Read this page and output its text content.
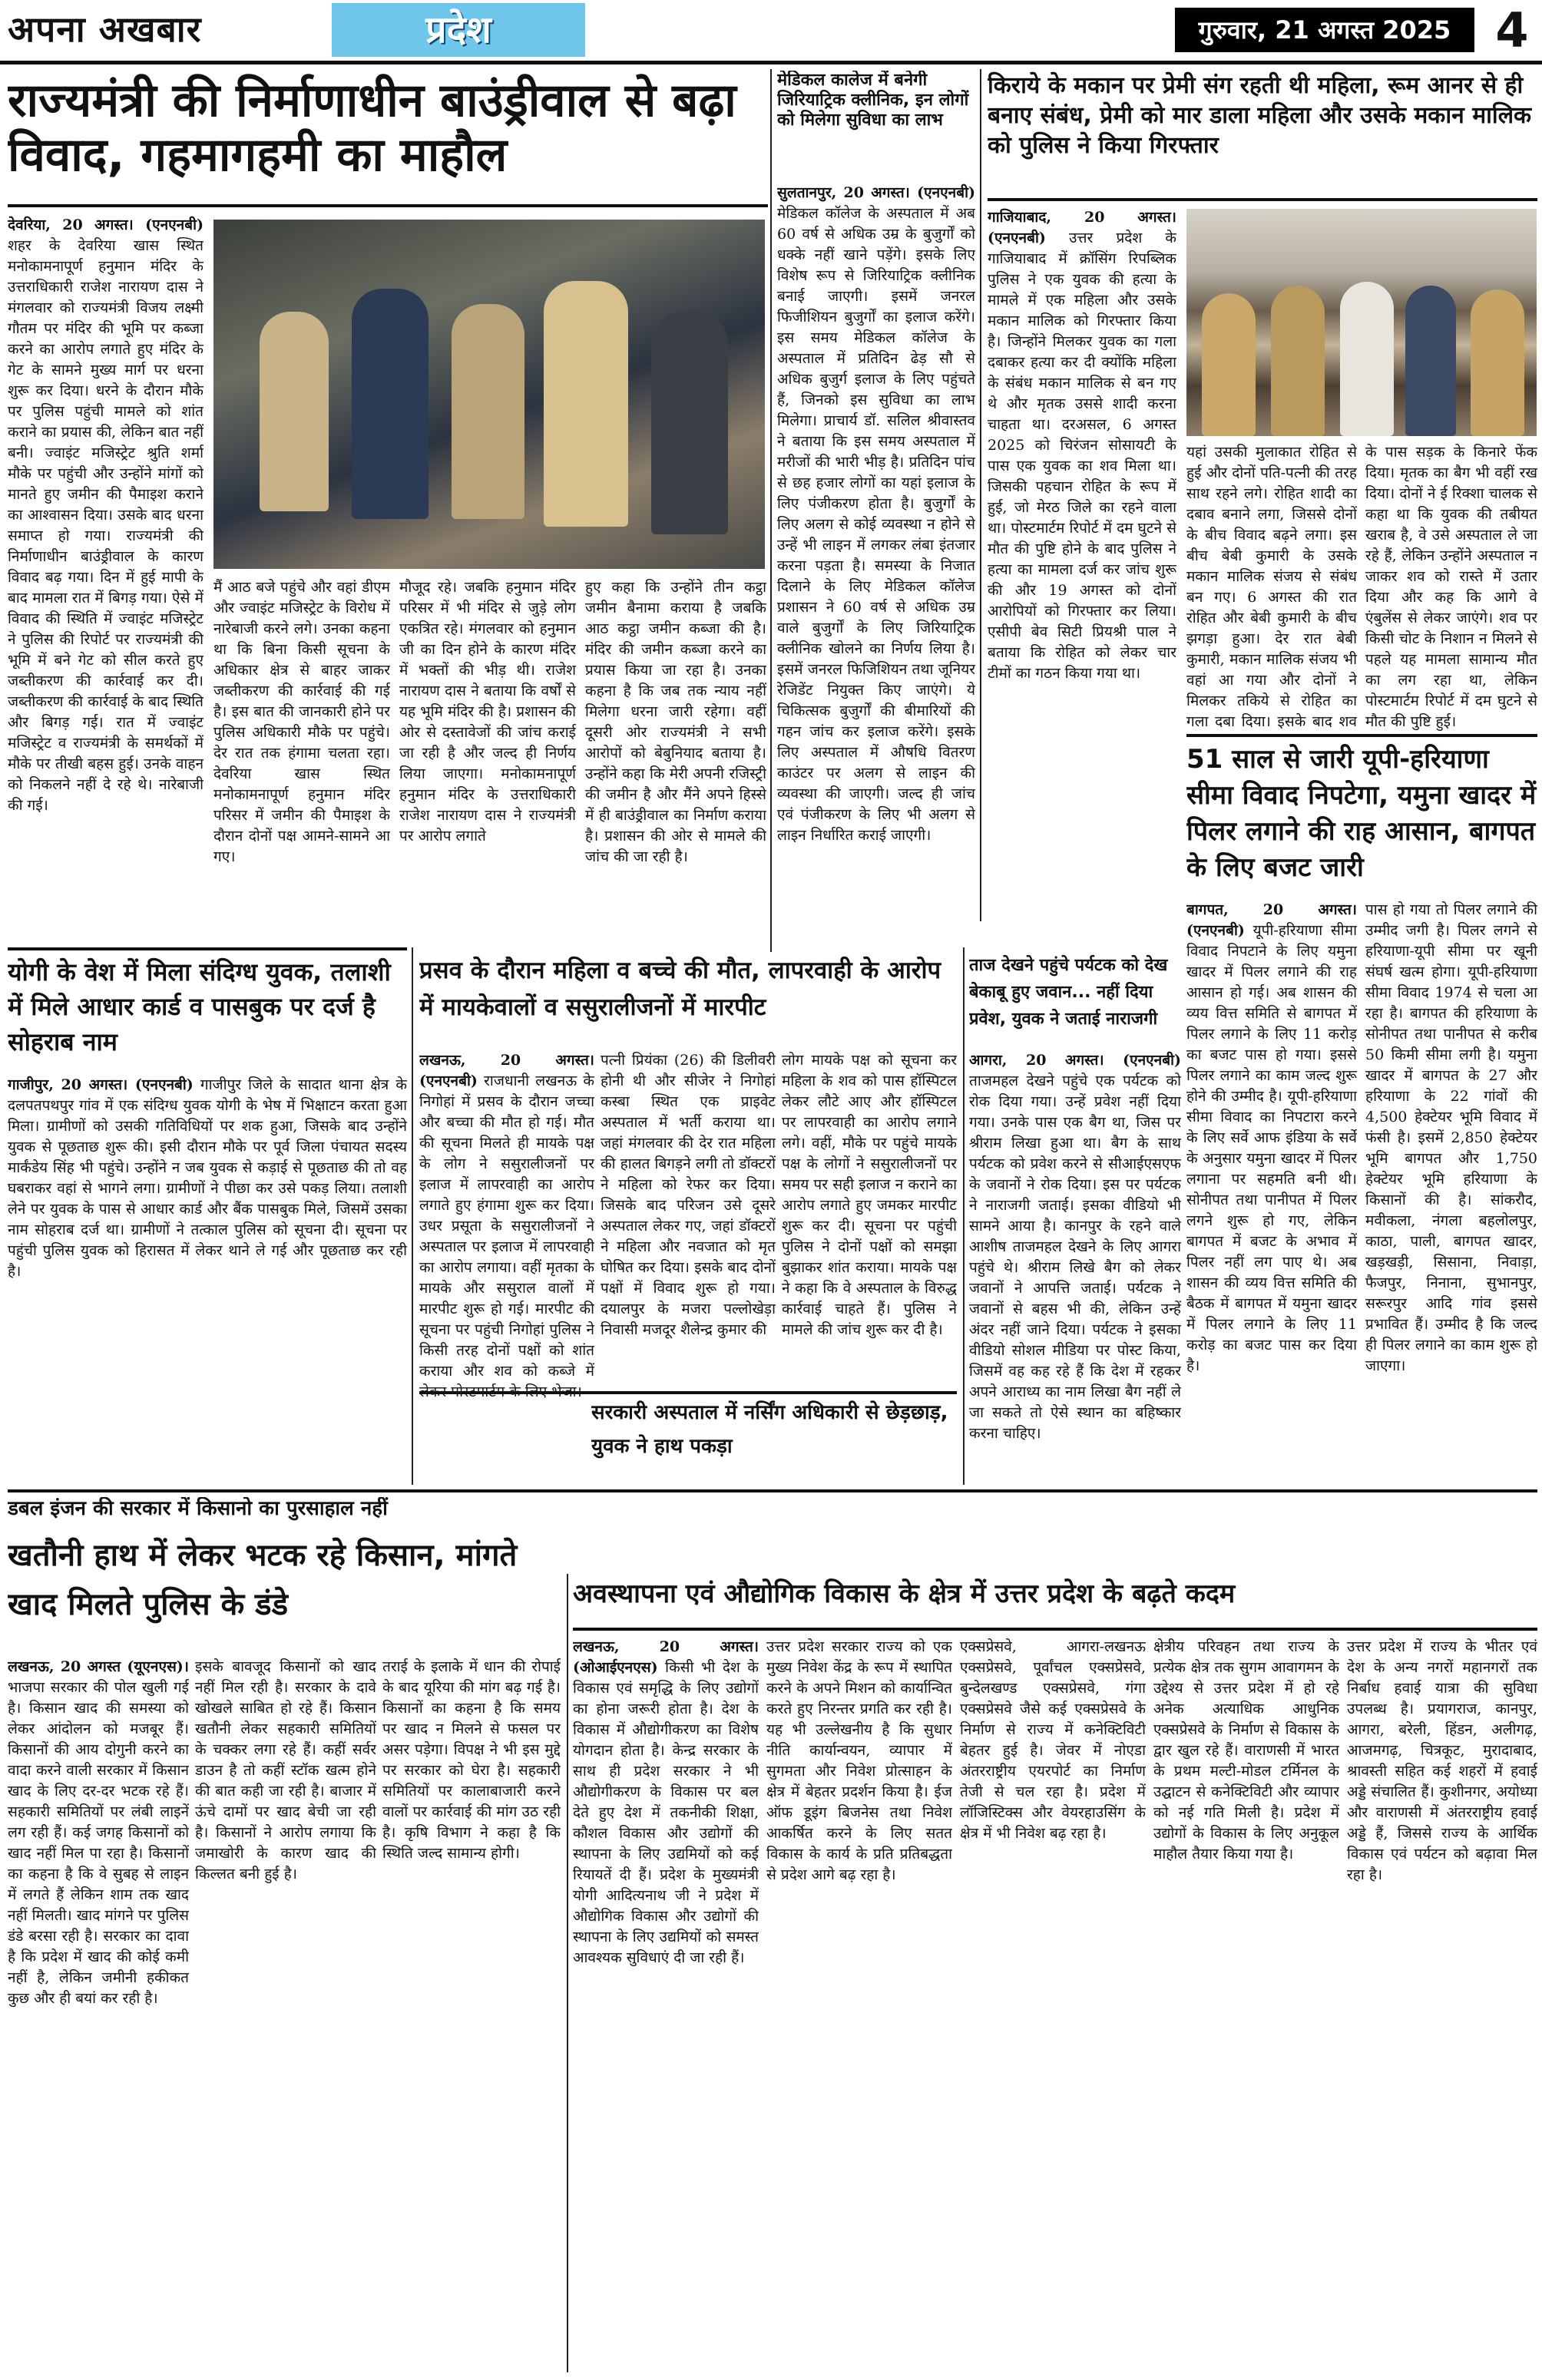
अपना अखबार	प्रदेश	गुरुवार, 21 अगस्त 2025 4
राज्यमंत्री की निर्माणाधीन बाउंड्रीवाल से बढ़ा विवाद, गहमागहमी का माहौल
देवरिया, 20 अगस्त। (एनएनबी) शहर के देवरिया खास स्थित मनोकामनापूर्ण हनुमान मंदिर के उत्तराधिकारी राजेश नारायण दास ने मंगलवार को राज्यमंत्री विजय लक्ष्मी गौतम पर मंदिर की भूमि पर कब्जा करने का आरोप लगाते हुए मंदिर के गेट के सामने मुख्य मार्ग पर धरना शुरू कर दिया। धरने के दौरान मौके पर पुलिस पहुंची मामले को शांत कराने का प्रयास की, लेकिन बात नहीं बनी। ज्वाइंट मजिस्ट्रेट श्रुति शर्मा मौके पर पहुंची और उन्होंने मांगों को मानते हुए जमीन की पैमाइश कराने का आश्वासन दिया। उसके बाद धरना समाप्त हो गया। राज्यमंत्री की निर्माणाधीन बाउंड्रीवाल के कारण विवाद बढ़ गया। दिन में हुई मापी के बाद मामला रात में बिगड़ गया। ऐसे में विवाद की स्थिति में ज्वाइंट मजिस्ट्रेट ने पुलिस की रिपोर्ट पर राज्यमंत्री की भूमि में बने गेट को सील करते हुए जब्तीकरण की कार्रवाई कर दी। जब्तीकरण की कार्रवाई के बाद स्थिति और बिगड़ गई। रात में ज्वाइंट मजिस्ट्रेट व राज्यमंत्री के समर्थकों में मौके पर तीखी बहस हुई। उनके वाहन को निकलने नहीं दे रहे थे। नारेबाजी की गई।
मैं आठ बजे पहुंचे और वहां डीएम और ज्वाइंट मजिस्ट्रेट के विरोध में नारेबाजी करने लगे। उनका कहना था कि बिना किसी सूचना के अधिकार क्षेत्र से बाहर जाकर जब्तीकरण की कार्रवाई की गई है। इस बात की जानकारी होने पर पुलिस अधिकारी मौके पर पहुंचे। देर रात तक हंगामा चलता रहा। देवरिया खास स्थित मनोकामनापूर्ण हनुमान मंदिर परिसर में जमीन की पैमाइश के दौरान दोनों पक्ष आमने-सामने आ गए।
मौजूद रहे। जबकि हनुमान मंदिर परिसर में भी मंदिर से जुड़े लोग एकत्रित रहे। मंगलवार को हनुमान जी का दिन होने के कारण मंदिर में भक्तों की भीड़ थी। राजेश नारायण दास ने बताया कि वर्षों से यह भूमि मंदिर की है। प्रशासन की ओर से दस्तावेजों की जांच कराई जा रही है और जल्द ही निर्णय लिया जाएगा। मनोकामनापूर्ण हनुमान मंदिर के उत्तराधिकारी राजेश नारायण दास ने राज्यमंत्री पर आरोप लगाते
हुए कहा कि उन्होंने तीन कट्ठा जमीन बैनामा कराया है जबकि आठ कट्ठा जमीन कब्जा की है। मंदिर की जमीन कब्जा करने का प्रयास किया जा रहा है। उनका कहना है कि जब तक न्याय नहीं मिलेगा धरना जारी रहेगा। वहीं दूसरी ओर राज्यमंत्री ने सभी आरोपों को बेबुनियाद बताया है। उन्होंने कहा कि मेरी अपनी रजिस्ट्री की जमीन है और मैंने अपने हिस्से में ही बाउंड्रीवाल का निर्माण कराया है। प्रशासन की ओर से मामले की जांच की जा रही है।
मेडिकल कालेज में बनेगी जिरियाट्रिक क्लीनिक, इन लोगों को मिलेगा सुविधा का लाभ
सुलतानपुर, 20 अगस्त। (एनएनबी) मेडिकल कॉलेज के अस्पताल में अब 60 वर्ष से अधिक उम्र के बुजुर्गों को धक्के नहीं खाने पड़ेंगे। इसके लिए विशेष रूप से जिरियाट्रिक क्लीनिक बनाई जाएगी। इसमें जनरल फिजीशियन बुजुर्गों का इलाज करेंगे। इस समय मेडिकल कॉलेज के अस्पताल में प्रतिदिन ढेड़ सौ से अधिक बुजुर्ग इलाज के लिए पहुंचते हैं, जिनको इस सुविधा का लाभ मिलेगा। प्राचार्य डॉ. सलिल श्रीवास्तव ने बताया कि इस समय अस्पताल में मरीजों की भारी भीड़ है। प्रतिदिन पांच से छह हजार लोगों का यहां इलाज के लिए पंजीकरण होता है। बुजुर्गों के लिए अलग से कोई व्यवस्था न होने से उन्हें भी लाइन में लगकर लंबा इंतजार करना पड़ता है। समस्या के निजात दिलाने के लिए मेडिकल कॉलेज प्रशासन ने 60 वर्ष से अधिक उम्र वाले बुजुर्गों के लिए जिरियाट्रिक क्लीनिक खोलने का निर्णय लिया है। इसमें जनरल फिजिशियन तथा जूनियर रेजिडेंट नियुक्त किए जाएंगे। ये चिकित्सक बुजुर्गों की बीमारियों की गहन जांच कर इलाज करेंगे। इसके लिए अस्पताल में औषधि वितरण काउंटर पर अलग से लाइन की व्यवस्था की जाएगी। जल्द ही जांच एवं पंजीकरण के लिए भी अलग से लाइन निर्धारित कराई जाएगी।
किराये के मकान पर प्रेमी संग रहती थी महिला, रूम आनर से ही बनाए संबंध, प्रेमी को मार डाला महिला और उसके मकान मालिक को पुलिस ने किया गिरफ्तार
गाजियाबाद, 20 अगस्त। (एनएनबी) उत्तर प्रदेश के गाजियाबाद में क्रॉसिंग रिपब्लिक पुलिस ने एक युवक की हत्या के मामले में एक महिला और उसके मकान मालिक को गिरफ्तार किया है। जिन्होंने मिलकर युवक का गला दबाकर हत्या कर दी क्योंकि महिला के संबंध मकान मालिक से बन गए थे और मृतक उससे शादी करना चाहता था। दरअसल, 6 अगस्त 2025 को चिरंजन सोसायटी के पास एक युवक का शव मिला था। जिसकी पहचान रोहित के रूप में हुई, जो मेरठ जिले का रहने वाला था। पोस्टमार्टम रिपोर्ट में दम घुटने से मौत की पुष्टि होने के बाद पुलिस ने हत्या का मामला दर्ज कर जांच शुरू की और 19 अगस्त को दोनों आरोपियों को गिरफ्तार कर लिया। एसीपी बेव सिटी प्रियश्री पाल ने बताया कि रोहित को लेकर चार टीमों का गठन किया गया था।
यहां उसकी मुलाकात रोहित से हुई और दोनों पति-पत्नी की तरह साथ रहने लगे। रोहित शादी का दबाव बनाने लगा, जिससे दोनों के बीच विवाद बढ़ने लगा। इस बीच बेबी कुमारी के उसके मकान मालिक संजय से संबंध बन गए। 6 अगस्त की रात रोहित और बेबी कुमारी के बीच झगड़ा हुआ। देर रात बेबी कुमारी, मकान मालिक संजय भी वहां आ गया और दोनों ने मिलकर तकिये से रोहित का गला दबा दिया। इसके बाद शव
के पास सड़क के किनारे फेंक दिया। मृतक का बैग भी वहीं रख दिया। दोनों ने ई रिक्शा चालक से कहा था कि युवक की तबीयत खराब है, वे उसे अस्पताल ले जा रहे हैं, लेकिन उन्होंने अस्पताल न जाकर शव को रास्ते में उतार दिया और कह कि आगे वे एंबुलेंस से लेकर जाएंगे। शव पर किसी चोट के निशान न मिलने से पहले यह मामला सामान्य मौत का लग रहा था, लेकिन पोस्टमार्टम रिपोर्ट में दम घुटने से मौत की पुष्टि हुई।
51 साल से जारी यूपी-हरियाणा सीमा विवाद निपटेगा, यमुना खादर में पिलर लगाने की राह आसान, बागपत के लिए बजट जारी
बागपत, 20 अगस्त। (एनएनबी) यूपी-हरियाणा सीमा विवाद निपटाने के लिए यमुना खादर में पिलर लगाने की राह आसान हो गई। अब शासन की व्यय वित्त समिति से बागपत में पिलर लगाने के लिए 11 करोड़ का बजट पास हो गया। इससे पिलर लगाने का काम जल्द शुरू होने की उम्मीद है। यूपी-हरियाणा सीमा विवाद का निपटारा करने के लिए सर्वे आफ इंडिया के सर्वे के अनुसार यमुना खादर में पिलर लगाना पर सहमति बनी थी। सोनीपत तथा पानीपत में पिलर लगने शुरू हो गए, लेकिन बागपत में बजट के अभाव में पिलर नहीं लग पाए थे। अब शासन की व्यय वित्त समिति की बैठक में बागपत में यमुना खादर में पिलर लगाने के लिए 11 करोड़ का बजट पास कर दिया है।
पास हो गया तो पिलर लगाने की उम्मीद जगी है। पिलर लगने से हरियाणा-यूपी सीमा पर खूनी संघर्ष खत्म होगा। यूपी-हरियाणा सीमा विवाद 1974 से चला आ रहा है। बागपत की हरियाणा के सोनीपत तथा पानीपत से करीब 50 किमी सीमा लगी है। यमुना खादर में बागपत के 27 और हरियाणा के 22 गांवों की 4,500 हेक्टेयर भूमि विवाद में फंसी है। इसमें 2,850 हेक्टेयर भूमि बागपत और 1,750 हेक्टेयर भूमि हरियाणा के किसानों की है। सांकरौद, मवीकला, नंगला बहलोलपुर, काठा, पाली, बागपत खादर, खड़खड़ी, सिसाना, निवाड़ा, फैजपुर, निनाना, सुभानपुर, सरूरपुर आदि गांव इससे प्रभावित हैं। उम्मीद है कि जल्द ही पिलर लगाने का काम शुरू हो जाएगा।
योगी के वेश में मिला संदिग्ध युवक, तलाशी में मिले आधार कार्ड व पासबुक पर दर्ज है सोहराब नाम
गाजीपुर, 20 अगस्त। (एनएनबी) गाजीपुर जिले के सादात थाना क्षेत्र के दलपतपथपुर गांव में एक संदिग्ध युवक योगी के भेष में भिक्षाटन करता हुआ मिला। ग्रामीणों को उसकी गतिविधियों पर शक हुआ, जिसके बाद उन्होंने युवक से पूछताछ शुरू की। इसी दौरान मौके पर पूर्व जिला पंचायत सदस्य मार्कंडेय सिंह भी पहुंचे। उन्होंने न जब युवक से कड़ाई से पूछताछ की तो वह घबराकर वहां से भागने लगा। ग्रामीणों ने पीछा कर उसे पकड़ लिया। तलाशी लेने पर युवक के पास से आधार कार्ड और बैंक पासबुक मिले, जिसमें उसका नाम सोहराब दर्ज था। ग्रामीणों ने तत्काल पुलिस को सूचना दी। सूचना पर पहुंची पुलिस युवक को हिरासत में लेकर थाने ले गई और पूछताछ कर रही है।
प्रसव के दौरान महिला व बच्चे की मौत, लापरवाही के आरोप में मायकेवालों व ससुरालीजनों में मारपीट
लखनऊ, 20 अगस्त। (एनएनबी) राजधानी लखनऊ के निगोहां में प्रसव के दौरान जच्चा और बच्चा की मौत हो गई। मौत की सूचना मिलते ही मायके पक्ष के लोग ने ससुरालीजनों पर इलाज में लापरवाही का आरोप लगाते हुए हंगामा शुरू कर दिया। उधर प्रसूता के ससुरालीजनों ने अस्पताल पर इलाज में लापरवाही का आरोप लगाया। वहीं मृतका के मायके और ससुराल वालों में मारपीट शुरू हो गई। मारपीट की सूचना पर पहुंची निगोहां पुलिस ने किसी तरह दोनों पक्षों को शांत कराया और शव को कब्जे में लेकर पोस्टमार्टम के लिए भेजा।
पत्नी प्रियंका (26) की डिलीवरी होनी थी और सीजेर ने निगोहां कस्बा स्थित एक प्राइवेट अस्पताल में भर्ती कराया था। जहां मंगलवार की देर रात महिला की हालत बिगड़ने लगी तो डॉक्टरों ने महिला को रेफर कर दिया। जिसके बाद परिजन उसे दूसरे अस्पताल लेकर गए, जहां डॉक्टरों ने महिला और नवजात को मृत घोषित कर दिया। इसके बाद दोनों पक्षों में विवाद शुरू हो गया। दयालपुर के मजरा पल्लोखेड़ा निवासी मजदूर शैलेन्द्र कुमार की
लोग मायके पक्ष को सूचना कर महिला के शव को पास हॉस्पिटल लेकर लौटे आए और हॉस्पिटल पर लापरवाही का आरोप लगाने लगे। वहीं, मौके पर पहुंचे मायके पक्ष के लोगों ने ससुरालीजनों पर समय पर सही इलाज न कराने का आरोप लगाते हुए जमकर मारपीट शुरू कर दी। सूचना पर पहुंची पुलिस ने दोनों पक्षों को समझा बुझाकर शांत कराया। मायके पक्ष ने कहा कि वे अस्पताल के विरुद्ध कार्रवाई चाहते हैं। पुलिस ने मामले की जांच शुरू कर दी है।
ताज देखने पहुंचे पर्यटक को देख बेकाबू हुए जवान... नहीं दिया प्रवेश, युवक ने जताई नाराजगी
आगरा, 20 अगस्त। (एनएनबी) ताजमहल देखने पहुंचे एक पर्यटक को रोक दिया गया। उन्हें प्रवेश नहीं दिया गया। उनके पास एक बैग था, जिस पर श्रीराम लिखा हुआ था। बैग के साथ पर्यटक को प्रवेश करने से सीआईएसएफ के जवानों ने रोक दिया। इस पर पर्यटक ने नाराजगी जताई। इसका वीडियो भी सामने आया है। कानपुर के रहने वाले आशीष ताजमहल देखने के लिए आगरा पहुंचे थे। श्रीराम लिखे बैग को लेकर जवानों ने आपत्ति जताई। पर्यटक ने जवानों से बहस भी की, लेकिन उन्हें अंदर नहीं जाने दिया। पर्यटक ने इसका वीडियो सोशल मीडिया पर पोस्ट किया, जिसमें वह कह रहे हैं कि देश में रहकर अपने आराध्य का नाम लिखा बैग नहीं ले जा सकते तो ऐसे स्थान का बहिष्कार करना चाहिए।
सरकारी अस्पताल में नर्सिंग अधिकारी से छेड़छाड़, युवक ने हाथ पकड़ा
डबल इंजन की सरकार में किसानो का पुरसाहाल नहीं
खतौनी हाथ में लेकर भटक रहे किसान, मांगते खाद मिलते पुलिस के डंडे
लखनऊ, 20 अगस्त (यूएनएस)। भाजपा सरकार की पोल खुली गई है। किसान खाद की समस्या को लेकर आंदोलन को मजबूर हैं। किसानों की आय दोगुनी करने का वादा करने वाली सरकार में किसान खाद के लिए दर-दर भटक रहे हैं। सहकारी समितियों पर लंबी लाइनें लग रही हैं। कई जगह किसानों को खाद नहीं मिल पा रहा है। किसानों का कहना है कि वे सुबह से लाइन में लगते हैं लेकिन शाम तक खाद नहीं मिलती। खाद मांगने पर पुलिस डंडे बरसा रही है। सरकार का दावा है कि प्रदेश में खाद की कोई कमी नहीं है, लेकिन जमीनी हकीकत कुछ और ही बयां कर रही है।
इसके बावजूद किसानों को खाद नहीं मिल रही है। सरकार के दावे खोखले साबित हो रहे हैं। किसान खतौनी लेकर सहकारी समितियों के चक्कर लगा रहे हैं। कहीं सर्वर डाउन है तो कहीं स्टॉक खत्म होने की बात कही जा रही है। बाजार में ऊंचे दामों पर खाद बेची जा रही है। किसानों ने आरोप लगाया कि जमाखोरी के कारण खाद की किल्लत बनी हुई है।
तराई के इलाके में धान की रोपाई के बाद यूरिया की मांग बढ़ गई है। किसानों का कहना है कि समय पर खाद न मिलने से फसल पर असर पड़ेगा। विपक्ष ने भी इस मुद्दे पर सरकार को घेरा है। सहकारी समितियों पर कालाबाजारी करने वालों पर कार्रवाई की मांग उठ रही है। कृषि विभाग ने कहा है कि स्थिति जल्द सामान्य होगी।
अवस्थापना एवं औद्योगिक विकास के क्षेत्र में उत्तर प्रदेश के बढ़ते कदम
लखनऊ, 20 अगस्त। (ओआईएनएस) किसी भी देश के विकास एवं समृद्धि के लिए उद्योगों का होना जरूरी होता है। देश के विकास में औद्योगीकरण का विशेष योगदान होता है। केन्द्र सरकार के साथ ही प्रदेश सरकार ने भी औद्योगीकरण के विकास पर बल देते हुए देश में तकनीकी शिक्षा, कौशल विकास और उद्योगों की स्थापना के लिए उद्यमियों को कई रियायतें दी हैं। प्रदेश के मुख्यमंत्री योगी आदित्यनाथ जी ने प्रदेश में औद्योगिक विकास और उद्योगों की स्थापना के लिए उद्यमियों को समस्त आवश्यक सुविधाएं दी जा रही हैं।
उत्तर प्रदेश सरकार राज्य को एक मुख्य निवेश केंद्र के रूप में स्थापित करने के अपने मिशन को कार्यान्वित करते हुए निरन्तर प्रगति कर रही है। यह भी उल्लेखनीय है कि सुधार नीति कार्यान्वयन, व्यापार में सुगमता और निवेश प्रोत्साहन के क्षेत्र में बेहतर प्रदर्शन किया है। ईज ऑफ डूइंग बिजनेस तथा निवेश आकर्षित करने के लिए सतत विकास के कार्य के प्रति प्रतिबद्धता से प्रदेश आगे बढ़ रहा है।
एक्सप्रेसवे, आगरा-लखनऊ एक्सप्रेसवे, पूर्वांचल एक्सप्रेसवे, बुन्देलखण्ड एक्सप्रेसवे, गंगा एक्सप्रेसवे जैसे कई एक्सप्रेसवे के निर्माण से राज्य में कनेक्टिविटी बेहतर हुई है। जेवर में नोएडा अंतरराष्ट्रीय एयरपोर्ट का निर्माण तेजी से चल रहा है। प्रदेश में लॉजिस्टिक्स और वेयरहाउसिंग के क्षेत्र में भी निवेश बढ़ रहा है।
क्षेत्रीय परिवहन तथा राज्य के प्रत्येक क्षेत्र तक सुगम आवागमन के उद्देश्य से उत्तर प्रदेश में हो रहे अनेक अत्याधिक आधुनिक एक्सप्रेसवे के निर्माण से विकास के द्वार खुल रहे हैं। वाराणसी में भारत के प्रथम मल्टी-मोडल टर्मिनल के उद्घाटन से कनेक्टिविटी और व्यापार को नई गति मिली है। प्रदेश में उद्योगों के विकास के लिए अनुकूल माहौल तैयार किया गया है।
उत्तर प्रदेश में राज्य के भीतर एवं देश के अन्य नगरों महानगरों तक निर्बाध हवाई यात्रा की सुविधा उपलब्ध है। प्रयागराज, कानपुर, आगरा, बरेली, हिंडन, अलीगढ़, आजमगढ़, चित्रकूट, मुरादाबाद, श्रावस्ती सहित कई शहरों में हवाई अड्डे संचालित हैं। कुशीनगर, अयोध्या और वाराणसी में अंतरराष्ट्रीय हवाई अड्डे हैं, जिससे राज्य के आर्थिक विकास एवं पर्यटन को बढ़ावा मिल रहा है।
